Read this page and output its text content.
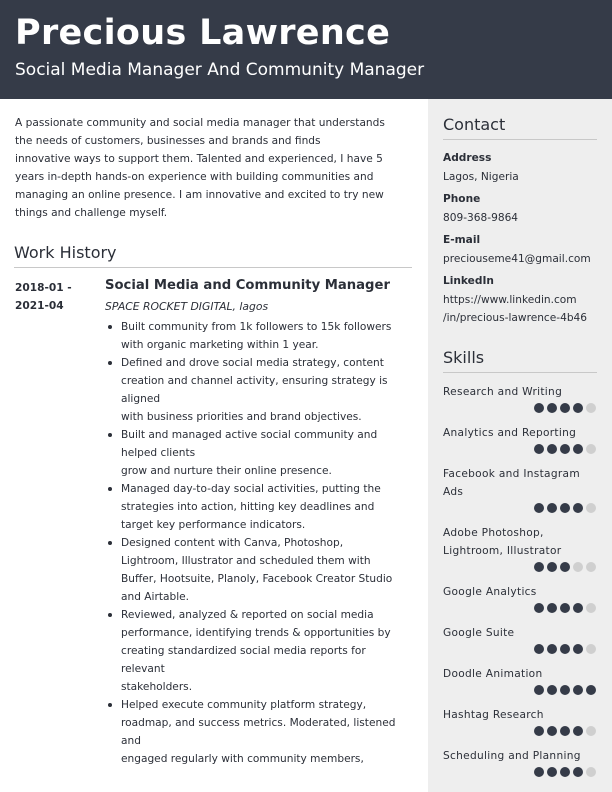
Precious Lawrence
Social Media Manager And Community Manager

A passionate community and social media manager that understands
the needs of customers, businesses and brands and finds
innovative ways to support them. Talented and experienced, I have 5
years in-depth hands-on experience with building communities and
managing an online presence. I am innovative and excited to try new
things and challenge myself.

Work History
2018-01 -
2021-04
Social Media and Community Manager
SPACE ROCKET DIGITAL, lagos
Built community from 1k followers to 15k followers
with organic marketing within 1 year.
Defined and drove social media strategy, content
creation and channel activity, ensuring strategy is
aligned
with business priorities and brand objectives.
Built and managed active social community and
helped clients
grow and nurture their online presence.
Managed day-to-day social activities, putting the
strategies into action, hitting key deadlines and
target key performance indicators.
Designed content with Canva, Photoshop,
Lightroom, Illustrator and scheduled them with
Buffer, Hootsuite, Planoly, Facebook Creator Studio
and Airtable.
Reviewed, analyzed & reported on social media
performance, identifying trends & opportunities by
creating standardized social media reports for
relevant
stakeholders.
Helped execute community platform strategy,
roadmap, and success metrics. Moderated, listened
and
engaged regularly with community members,
Contact
Address
Lagos, Nigeria
Phone
809-368-9864
E-mail
preciouseme41@gmail.com
LinkedIn
https://www.linkedin.com
/in/precious-lawrence-4b46
Skills
Research and Writing
Analytics and Reporting
Facebook and Instagram
Ads
Adobe Photoshop,
Lightroom, Illustrator
Google Analytics
Google Suite
Doodle Animation
Hashtag Research
Scheduling and Planning
